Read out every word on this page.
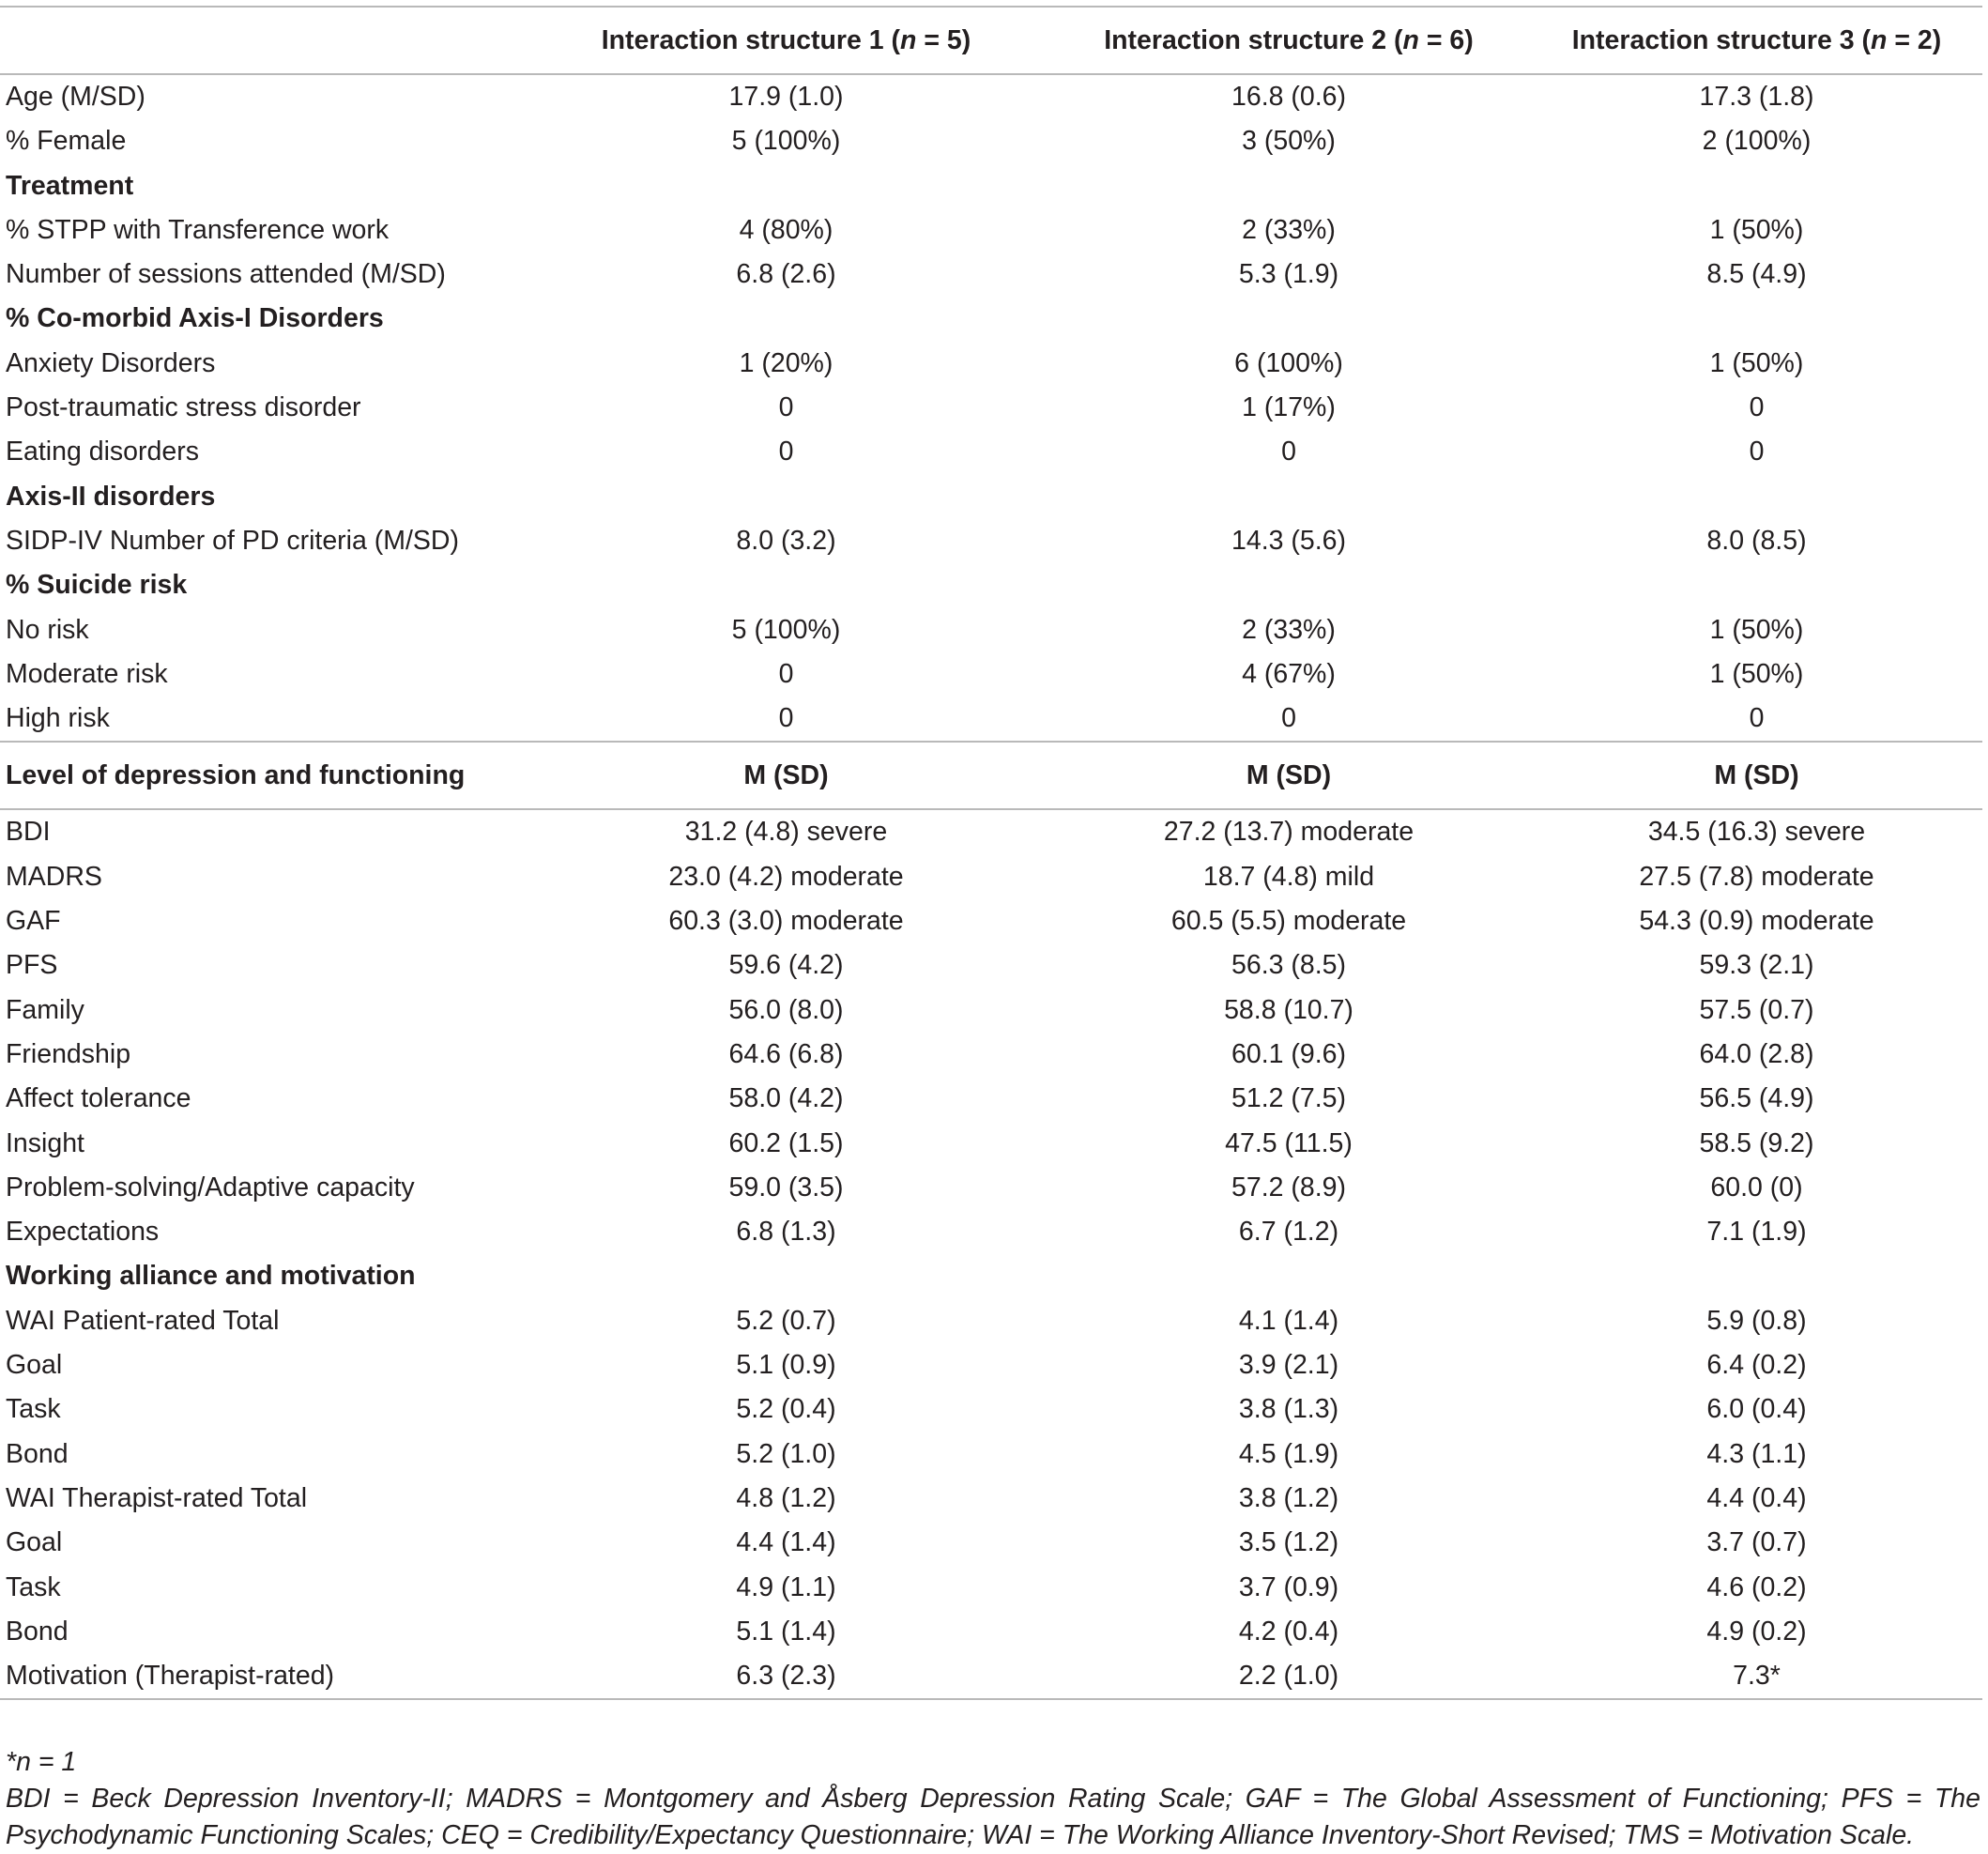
	Interaction structure 1 (n = 5)	Interaction structure 2 (n = 6)	Interaction structure 3 (n = 2)
Age (M/SD)	17.9 (1.0)	16.8 (0.6)	17.3 (1.8)
% Female	5 (100%)	3 (50%)	2 (100%)
Treatment			
% STPP with Transference work	4 (80%)	2 (33%)	1 (50%)
Number of sessions attended (M/SD)	6.8 (2.6)	5.3 (1.9)	8.5 (4.9)
% Co-morbid Axis-I Disorders			
Anxiety Disorders	1 (20%)	6 (100%)	1 (50%)
Post-traumatic stress disorder	0	1 (17%)	0
Eating disorders	0	0	0
Axis-II disorders			
SIDP-IV Number of PD criteria (M/SD)	8.0 (3.2)	14.3 (5.6)	8.0 (8.5)
% Suicide risk			
No risk	5 (100%)	2 (33%)	1 (50%)
Moderate risk	0	4 (67%)	1 (50%)
High risk	0	0	0
Level of depression and functioning	M (SD)	M (SD)	M (SD)
BDI	31.2 (4.8) severe	27.2 (13.7) moderate	34.5 (16.3) severe
MADRS	23.0 (4.2) moderate	18.7 (4.8) mild	27.5 (7.8) moderate
GAF	60.3 (3.0) moderate	60.5 (5.5) moderate	54.3 (0.9) moderate
PFS	59.6 (4.2)	56.3 (8.5)	59.3 (2.1)
Family	56.0 (8.0)	58.8 (10.7)	57.5 (0.7)
Friendship	64.6 (6.8)	60.1 (9.6)	64.0 (2.8)
Affect tolerance	58.0 (4.2)	51.2 (7.5)	56.5 (4.9)
Insight	60.2 (1.5)	47.5 (11.5)	58.5 (9.2)
Problem-solving/Adaptive capacity	59.0 (3.5)	57.2 (8.9)	60.0 (0)
Expectations	6.8 (1.3)	6.7 (1.2)	7.1 (1.9)
Working alliance and motivation			
WAI Patient-rated Total	5.2 (0.7)	4.1 (1.4)	5.9 (0.8)
Goal	5.1 (0.9)	3.9 (2.1)	6.4 (0.2)
Task	5.2 (0.4)	3.8 (1.3)	6.0 (0.4)
Bond	5.2 (1.0)	4.5 (1.9)	4.3 (1.1)
WAI Therapist-rated Total	4.8 (1.2)	3.8 (1.2)	4.4 (0.4)
Goal	4.4 (1.4)	3.5 (1.2)	3.7 (0.7)
Task	4.9 (1.1)	3.7 (0.9)	4.6 (0.2)
Bond	5.1 (1.4)	4.2 (0.4)	4.9 (0.2)
Motivation (Therapist-rated)	6.3 (2.3)	2.2 (1.0)	7.3*

*n = 1

BDI = Beck Depression Inventory-II; MADRS = Montgomery and Åsberg Depression Rating Scale; GAF = The Global Assessment of Functioning; PFS = The Psychodynamic Functioning Scales; CEQ = Credibility/Expectancy Questionnaire; WAI = The Working Alliance Inventory-Short Revised; TMS = Motivation Scale.
